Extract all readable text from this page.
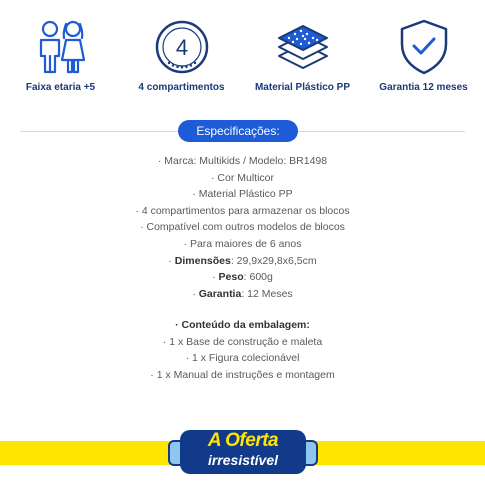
Faixa etaria +5
4
4 compartimentos	Material Plástico PP	Garantia 12 meses
Especificações:
· Marca: Multikids / Modelo: BR1498
· Cor Multicor
· Material Plástico PP
· 4 compartimentos para armazenar os blocos
· Compatível com outros modelos de blocos
· Para maiores de 6 anos
· Dimensões: 29,9x29,8x6,5cm
· Peso: 600g
· Garantia: 12 Meses
· Conteúdo da embalagem:
· 1 x Base de construção e maleta
· 1 x Figura colecionável
· 1 x Manual de instruções e montagem
A Oferta
irresistível
